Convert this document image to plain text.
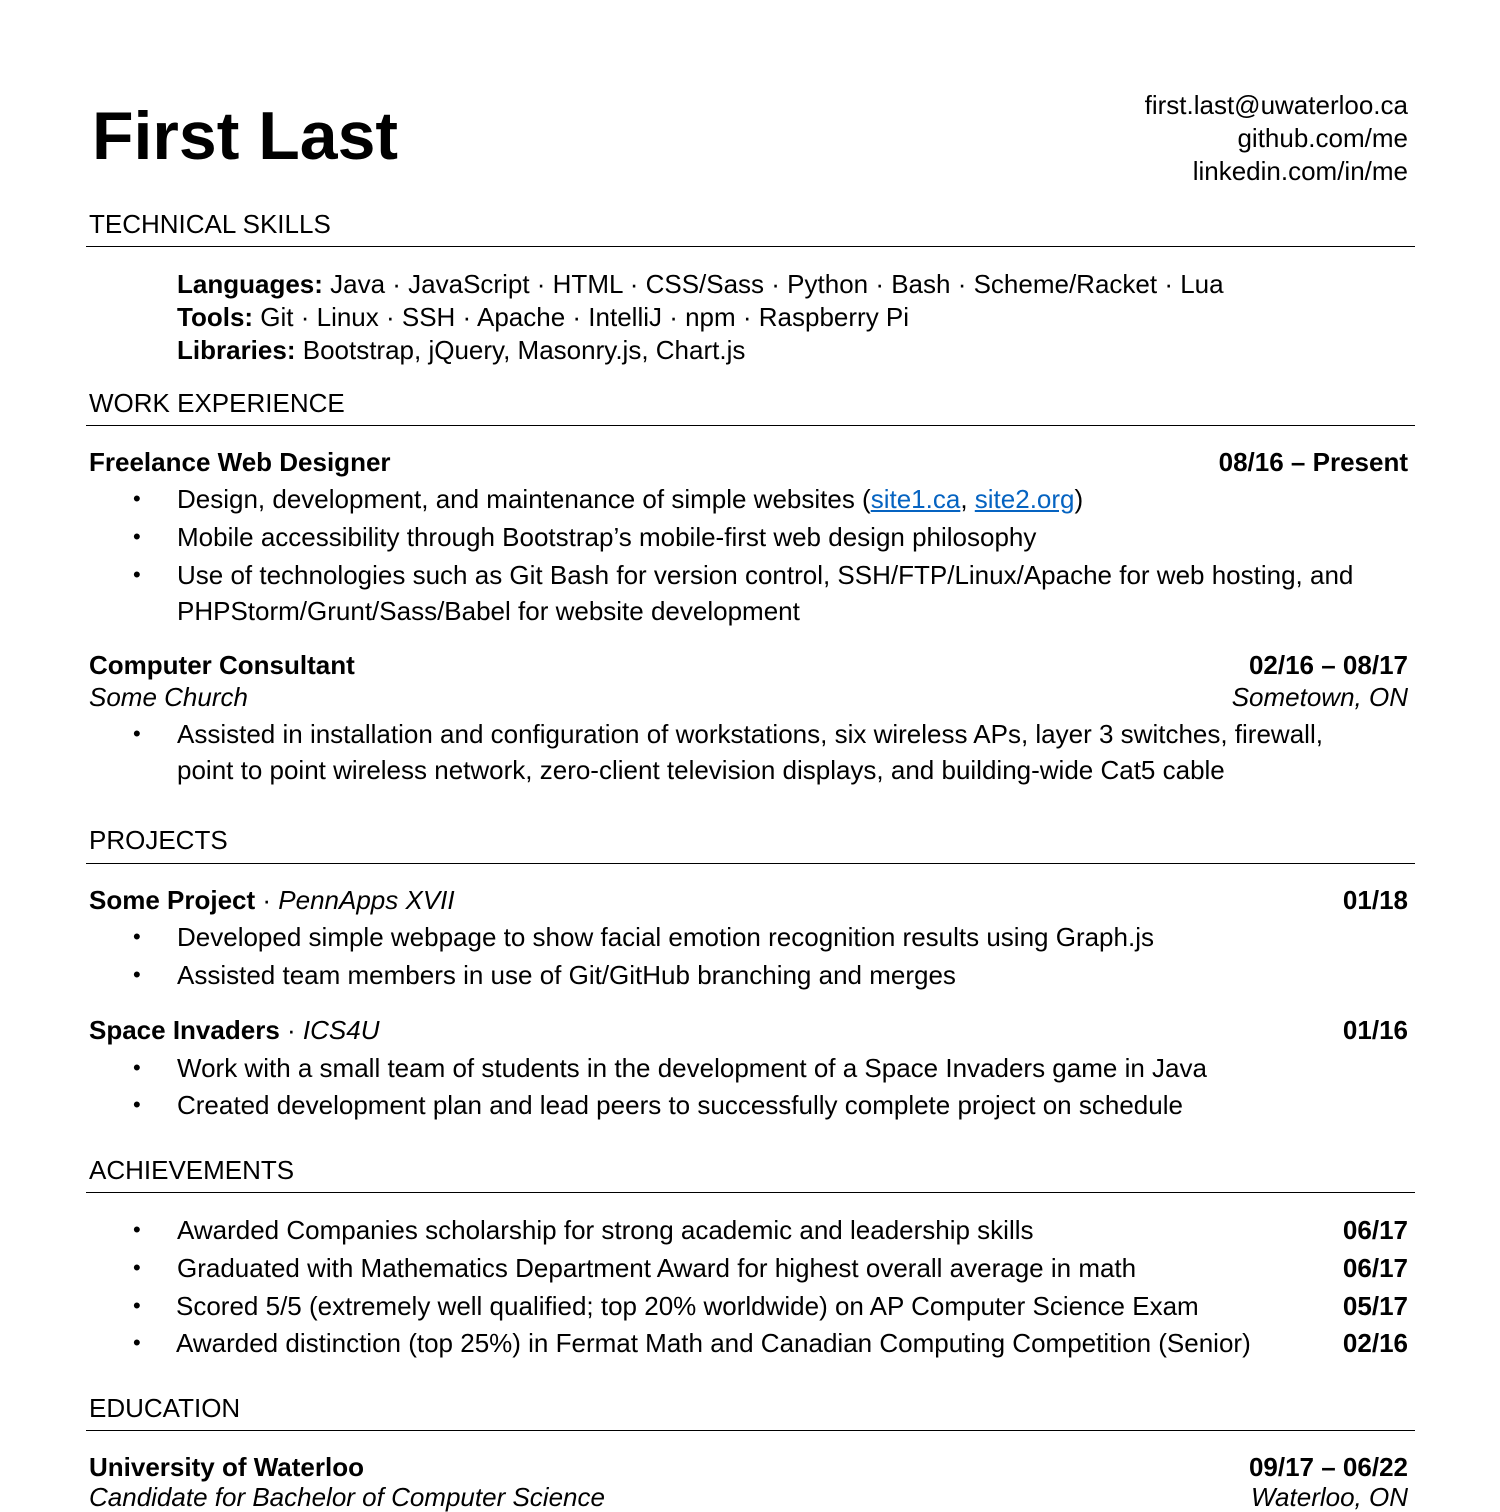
First Last	first.last@uwaterloo.ca
github.com/me
linkedin.com/in/me
TECHNICAL SKILLS
Languages: Java · JavaScript · HTML · CSS/Sass · Python · Bash · Scheme/Racket · Lua
Tools: Git · Linux · SSH · Apache · IntelliJ · npm · Raspberry Pi
Libraries: Bootstrap, jQuery, Masonry.js, Chart.js
WORK EXPERIENCE
Freelance Web Designer	08/16 – Present
• Design, development, and maintenance of simple websites (site1.ca, site2.org)
• Mobile accessibility through Bootstrap’s mobile-first web design philosophy
• Use of technologies such as Git Bash for version control, SSH/FTP/Linux/Apache for web hosting, and
PHPStorm/Grunt/Sass/Babel for website development
Computer Consultant	02/16 – 08/17
Some Church	Sometown, ON
• Assisted in installation and configuration of workstations, six wireless APs, layer 3 switches, firewall,
point to point wireless network, zero-client television displays, and building-wide Cat5 cable
PROJECTS
Some Project · PennApps XVII	01/18
• Developed simple webpage to show facial emotion recognition results using Graph.js
• Assisted team members in use of Git/GitHub branching and merges
Space Invaders · ICS4U	01/16
• Work with a small team of students in the development of a Space Invaders game in Java
• Created development plan and lead peers to successfully complete project on schedule
ACHIEVEMENTS
• Awarded Companies scholarship for strong academic and leadership skills	06/17
• Graduated with Mathematics Department Award for highest overall average in math	06/17
• Scored 5/5 (extremely well qualified; top 20% worldwide) on AP Computer Science Exam	05/17
• Awarded distinction (top 25%) in Fermat Math and Canadian Computing Competition (Senior)	02/16
EDUCATION
University of Waterloo	09/17 – 06/22
Candidate for Bachelor of Computer Science	Waterloo, ON
